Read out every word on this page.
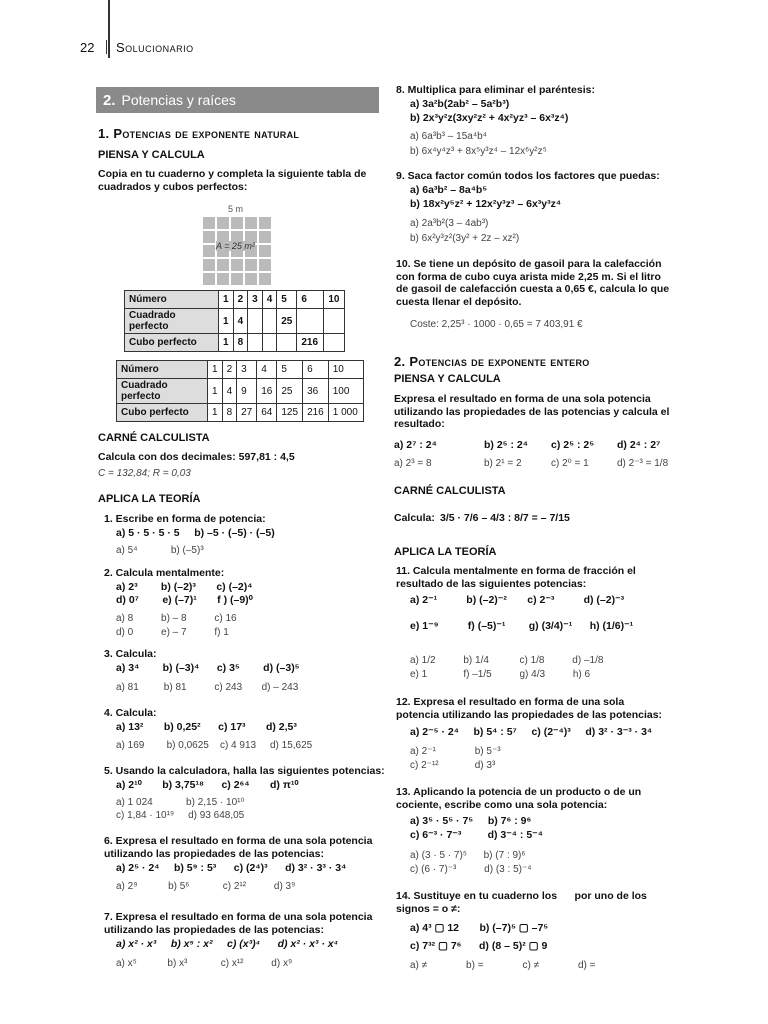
22 Solucionario
2. Potencias y raíces
1. Potencias de exponente natural
PIENSA Y CALCULA
Copia en tu cuaderno y completa la siguiente tabla de cuadrados y cubos perfectos:
5 m
A = 25 m²
Número	1	2	3	4	5	6	10
Cuadrado perfecto	1	4			25		
Cubo perfecto	1	8				216	
Número	1	2	3	4	5	6	10
Cuadrado perfecto	1	4	9	16	25	36	100
Cubo perfecto	1	8	27	64	125	216	1 000
CARNÉ CALCULISTA
Calcula con dos decimales: 597,81 : 4,5
C = 132,84; R = 0,03
APLICA LA TEORÍA
1. Escribe en forma de potencia:
a) 5 · 5 · 5 · 5     b) –5 · (–5) · (–5)
a) 5⁴            b) (–5)³
2. Calcula mentalmente:
a) 2³        b) (–2)³       c) (–2)⁴
d) 0⁷        e) (–7)¹       f ) (–9)⁰
a) 8          b) – 8          c) 16
d) 0          e) – 7          f) 1
3. Calcula:
a) 3⁴        b) (–3)⁴      c) 3⁵        d) (–3)⁵
a) 81         b) 81          c) 243       d) – 243
4. Calcula:
a) 13²       b) 0,25²      c) 17³       d) 2,5³
a) 169        b) 0,0625    c) 4 913     d) 15,625
5. Usando la calculadora, halla las siguientes potencias:
a) 2¹⁰       b) 3,75¹⁸      c) 2⁶⁴       d) π¹⁰
a) 1 024            b) 2,15 · 10¹⁰
c) 1,84 · 10¹⁹     d) 93 648,05
6. Expresa el resultado en forma de una sola potencia utilizando las propiedades de las potencias:
a) 2⁵ · 2⁴     b) 5⁹ : 5³      c) (2⁴)³      d) 3² · 3³ · 3⁴
a) 2⁹           b) 5⁶            c) 2¹²          d) 3⁹
7. Expresa el resultado en forma de una sola potencia utilizando las propiedades de las potencias:
a) x² · x³     b) x⁵ : x²     c) (x³)⁴      d) x² · x³ · x⁴
a) x⁵           b) x³            c) x¹²          d) x⁹
8. Multiplica para eliminar el paréntesis:
a) 3a²b(2ab² – 5a²b³)
b) 2x³y²z(3xy²z² + 4x²yz³ – 6x³z⁴)
a) 6a³b³ – 15a⁴b⁴
b) 6x⁴y⁴z³ + 8x⁵y³z⁴ – 12x⁶y²z⁵
9. Saca factor común todos los factores que puedas:
a) 6a³b² – 8a⁴b⁵
b) 18x²y⁵z² + 12x²y³z³ – 6x³y³z⁴
a) 2a³b²(3 – 4ab³)
b) 6x²y³z²(3y² + 2z – xz²)
10. Se tiene un depósito de gasoil para la calefacción con forma de cubo cuya arista mide 2,25 m. Si el litro de gasoil de calefacción cuesta a 0,65 €, calcula lo que cuesta llenar el depósito.
Coste: 2,25³ · 1000 · 0,65 = 7 403,91 €
2. Potencias de exponente entero
PIENSA Y CALCULA
Expresa el resultado en forma de una sola potencia utilizando las propiedades de las potencias y calcula el resultado:
a) 2⁷ : 2⁴	b) 2⁵ : 2⁴ c) 2⁵ : 2⁵ d) 2⁴ : 2⁷
a) 2³ = 8	b) 2¹ = 2	c) 2⁰ = 1	d) 2⁻³ = 1/8
CARNÉ CALCULISTA
Calcula: 3/5 · 7/6 – 4/3 : 8/7 = – 7/15
APLICA LA TEORÍA
11. Calcula mentalmente en forma de fracción el resultado de las siguientes potencias:
a) 2⁻¹          b) (–2)⁻²       c) 2⁻³          d) (–2)⁻³
e) 1⁻⁹          f) (–5)⁻¹        g) (3/4)⁻¹      h) (1/6)⁻¹
a) 1/2          b) 1/4           c) 1/8          d) –1/8
e) 1             f) –1/5          g) 4/3          h) 6
12. Expresa el resultado en forma de una sola potencia utilizando las propiedades de las potencias:
a) 2⁻⁵ · 2⁴     b) 5⁴ : 5⁷     c) (2⁻⁴)³     d) 3² · 3⁻³ · 3⁴
a) 2⁻¹              b) 5⁻³
c) 2⁻¹²             d) 3³
13. Aplicando la potencia de un producto o de un cociente, escribe como una sola potencia:
a) 3⁵ · 5⁵ · 7⁵     b) 7⁶ : 9⁶
c) 6⁻³ · 7⁻³         d) 3⁻⁴ : 5⁻⁴
a) (3 · 5 · 7)⁵      b) (7 : 9)⁶
c) (6 · 7)⁻³          d) (3 : 5)⁻⁴
14. Sustituye en tu cuaderno los      por uno de los signos = o ≠:
a) 4³ ▢ 12       b) (–7)⁵ ▢ –7⁵
c) 7³² ▢ 7⁶      d) (8 – 5)² ▢ 9
a) ≠              b) =              c) ≠              d) =
